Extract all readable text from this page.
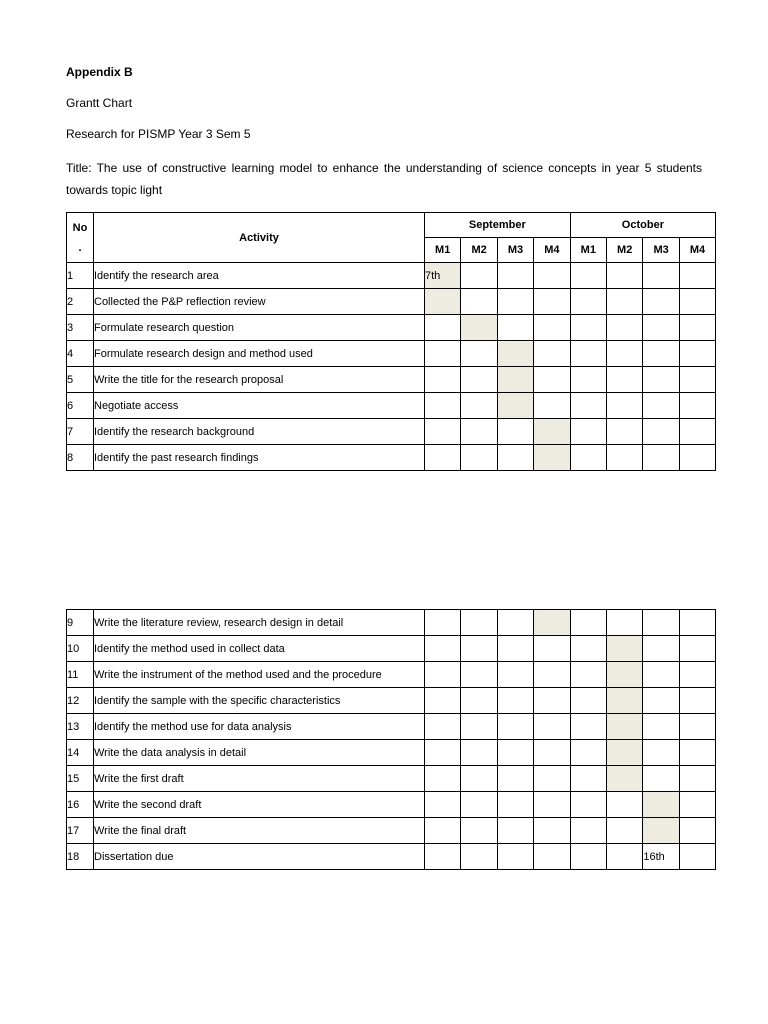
Appendix B
Grantt Chart
Research for PISMP Year 3 Sem 5
Title: The use of constructive learning model to enhance the understanding of science concepts in year 5 students towards topic light
No
.	Activity	September				October			
		M1	M2	M3	M4	M1	M2	M3	M4
1	Identify the research area	7th							
2	Collected the P&P reflection review								
3	Formulate research question								
4	Formulate research design and method used								
5	Write the title for the research proposal								
6	Negotiate access								
7	Identify the research background								
8	Identify the past research findings								
9	Write the literature review, research design in detail								
10	Identify the method used in collect data								
11	Write the instrument of the method used and the procedure								
12	Identify the sample with the specific characteristics								
13	Identify the method use for data analysis								
14	Write the data analysis in detail								
15	Write the first draft								
16	Write the second draft								
17	Write the final draft								
18	Dissertation due							16th	
